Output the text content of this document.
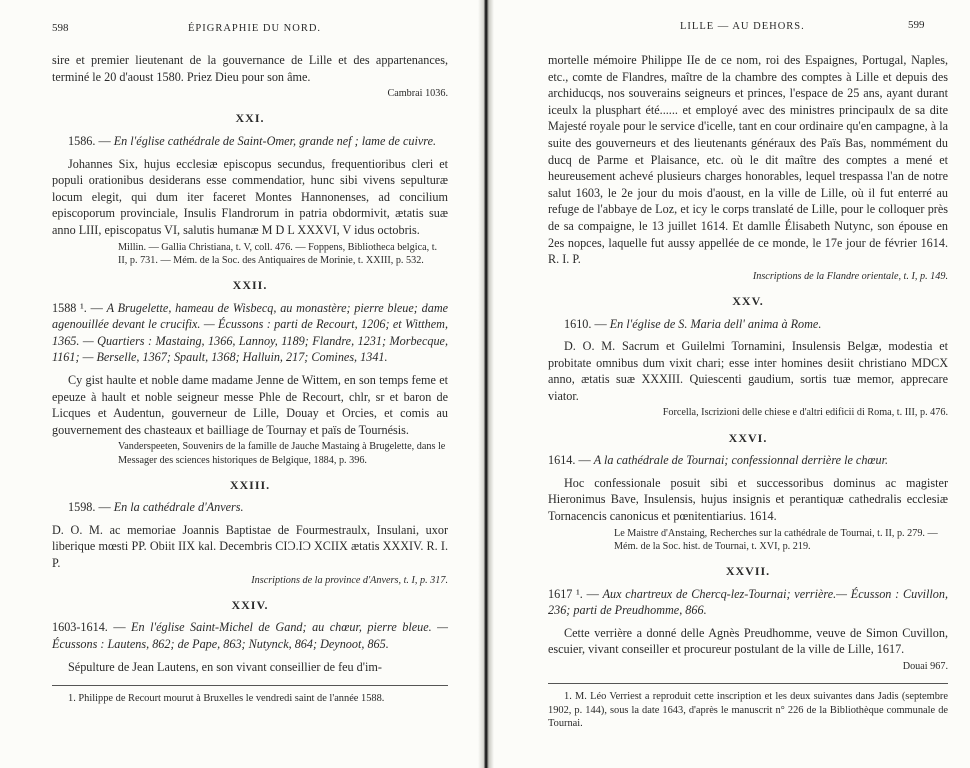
598	ÉPIGRAPHIE DU NORD.

sire et premier lieutenant de la gouvernance de Lille et des appartenances, terminé le 20 d'aoust 1580. Priez Dieu pour son âme.

Cambrai 1036.

XXI.

1586. — En l'église cathédrale de Saint-Omer, grande nef ; lame de cuivre.

Johannes Six, hujus ecclesiæ episcopus secundus, frequentioribus cleri et populi orationibus desiderans esse commendatior, hunc sibi vivens sepulturæ locum elegit, qui dum iter faceret Montes Hannonenses, ad concilium episcoporum provinciale, Insulis Flandrorum in patria obdormivit, ætatis suæ anno LIII, episcopatus VI, salutis humanæ M D L XXXVI, V idus octobris.

Millin. — Gallia Christiana, t. V, coll. 476. — Foppens, Bibliotheca belgica, t. II, p. 731. — Mém. de la Soc. des Antiquaires de Morinie, t. XXIII, p. 532.

XXII.

1588 ¹. — A Brugelette, hameau de Wisbecq, au monastère; pierre bleue; dame agenouillée devant le crucifix. — Écussons : parti de Recourt, 1206; et Witthem, 1365. — Quartiers : Mastaing, 1366, Lannoy, 1189; Flandre, 1231; Morbecque, 1161; — Berselle, 1367; Spault, 1368; Halluin, 217; Comines, 1341.

Cy gist haulte et noble dame madame Jenne de Wittem, en son temps feme et epeuze à hault et noble seigneur messe Phle de Recourt, chlr, sr et baron de Licques et Audentun, gouverneur de Lille, Douay et Orcies, et comis au gouvernement des chasteaux et bailliage de Tournay et païs de Tournésis.

Vanderspeeten, Souvenirs de la famille de Jauche Mastaing à Brugelette, dans le Messager des sciences historiques de Belgique, 1884, p. 396.

XXIII.

1598. — En la cathédrale d'Anvers.

D. O. M. ac memoriae Joannis Baptistae de Fourmestraulx, Insulani, uxor liberique mœsti PP. Obiit IIX kal. Decembris CIƆ.IƆ XCIIX ætatis XXXIV. R. I. P.

Inscriptions de la province d'Anvers, t. I, p. 317.

XXIV.

1603-1614. — En l'église Saint-Michel de Gand; au chœur, pierre bleue. — Écussons : Lautens, 862; de Pape, 863; Nutynck, 864; Deynoot, 865.

Sépulture de Jean Lautens, en son vivant conseillier de feu d'im-

1. Philippe de Recourt mourut à Bruxelles le vendredi saint de l'année 1588.

LILLE — AU DEHORS.	599

mortelle mémoire Philippe IIe de ce nom, roi des Espaignes, Portugal, Naples, etc., comte de Flandres, maître de la chambre des comptes à Lille et depuis des archiducqs, nos souverains seigneurs et princes, l'espace de 25 ans, ayant durant iceulx la plusphart été...... et employé avec des ministres principaulx de sa dite Majesté royale pour le service d'icelle, tant en cour ordinaire qu'en campagne, à la suite des gouverneurs et des lieutenants généraux des Païs Bas, nommément du ducq de Parme et Plaisance, etc. où le dit maître des comptes a mené et heureusement achevé plusieurs charges honorables, lequel trespassa l'an de notre salut 1603, le 2e jour du mois d'aoust, en la ville de Lille, où il fut enterré au refuge de l'abbaye de Loz, et icy le corps translaté de Lille, pour le colloquer près de sa compaigne, le 13 juillet 1614. Et damlle Élisabeth Nutync, son épouse en 2es nopces, laquelle fut aussy appellée de ce monde, le 17e jour de février 1614. R. I. P.

Inscriptions de la Flandre orientale, t. I, p. 149.

XXV.

1610. — En l'église de S. Maria dell' anima à Rome.

D. O. M. Sacrum et Guilelmi Tornamini, Insulensis Belgæ, modestia et probitate omnibus dum vixit chari; esse inter homines desiit christiano MDCX anno, ætatis suæ XXXIII. Quiescenti gaudium, sortis tuæ memor, apprecare viator.

Forcella, Iscrizioni delle chiese e d'altri edificii di Roma, t. III, p. 476.

XXVI.

1614. — A la cathédrale de Tournai; confessionnal derrière le chœur.

Hoc confessionale posuit sibi et successoribus dominus ac magister Hieronimus Bave, Insulensis, hujus insignis et perantiquæ cathedralis ecclesiæ Tornacencis canonicus et pœnitentiarius. 1614.

Le Maistre d'Anstaing, Recherches sur la cathédrale de Tournai, t. II, p. 279. — Mém. de la Soc. hist. de Tournai, t. XVI, p. 219.

XXVII.

1617 ¹. — Aux chartreux de Chercq-lez-Tournai; verrière.— Écusson : Cuvillon, 236; parti de Preudhomme, 866.

Cette verrière a donné delle Agnès Preudhomme, veuve de Simon Cuvillon, escuier, vivant conseiller et procureur postulant de la ville de Lille, 1617.

Douai 967.

1. M. Léo Verriest a reproduit cette inscription et les deux suivantes dans Jadis (septembre 1902, p. 144), sous la date 1643, d'après le manuscrit n° 226 de la Bibliothèque communale de Tournai.
